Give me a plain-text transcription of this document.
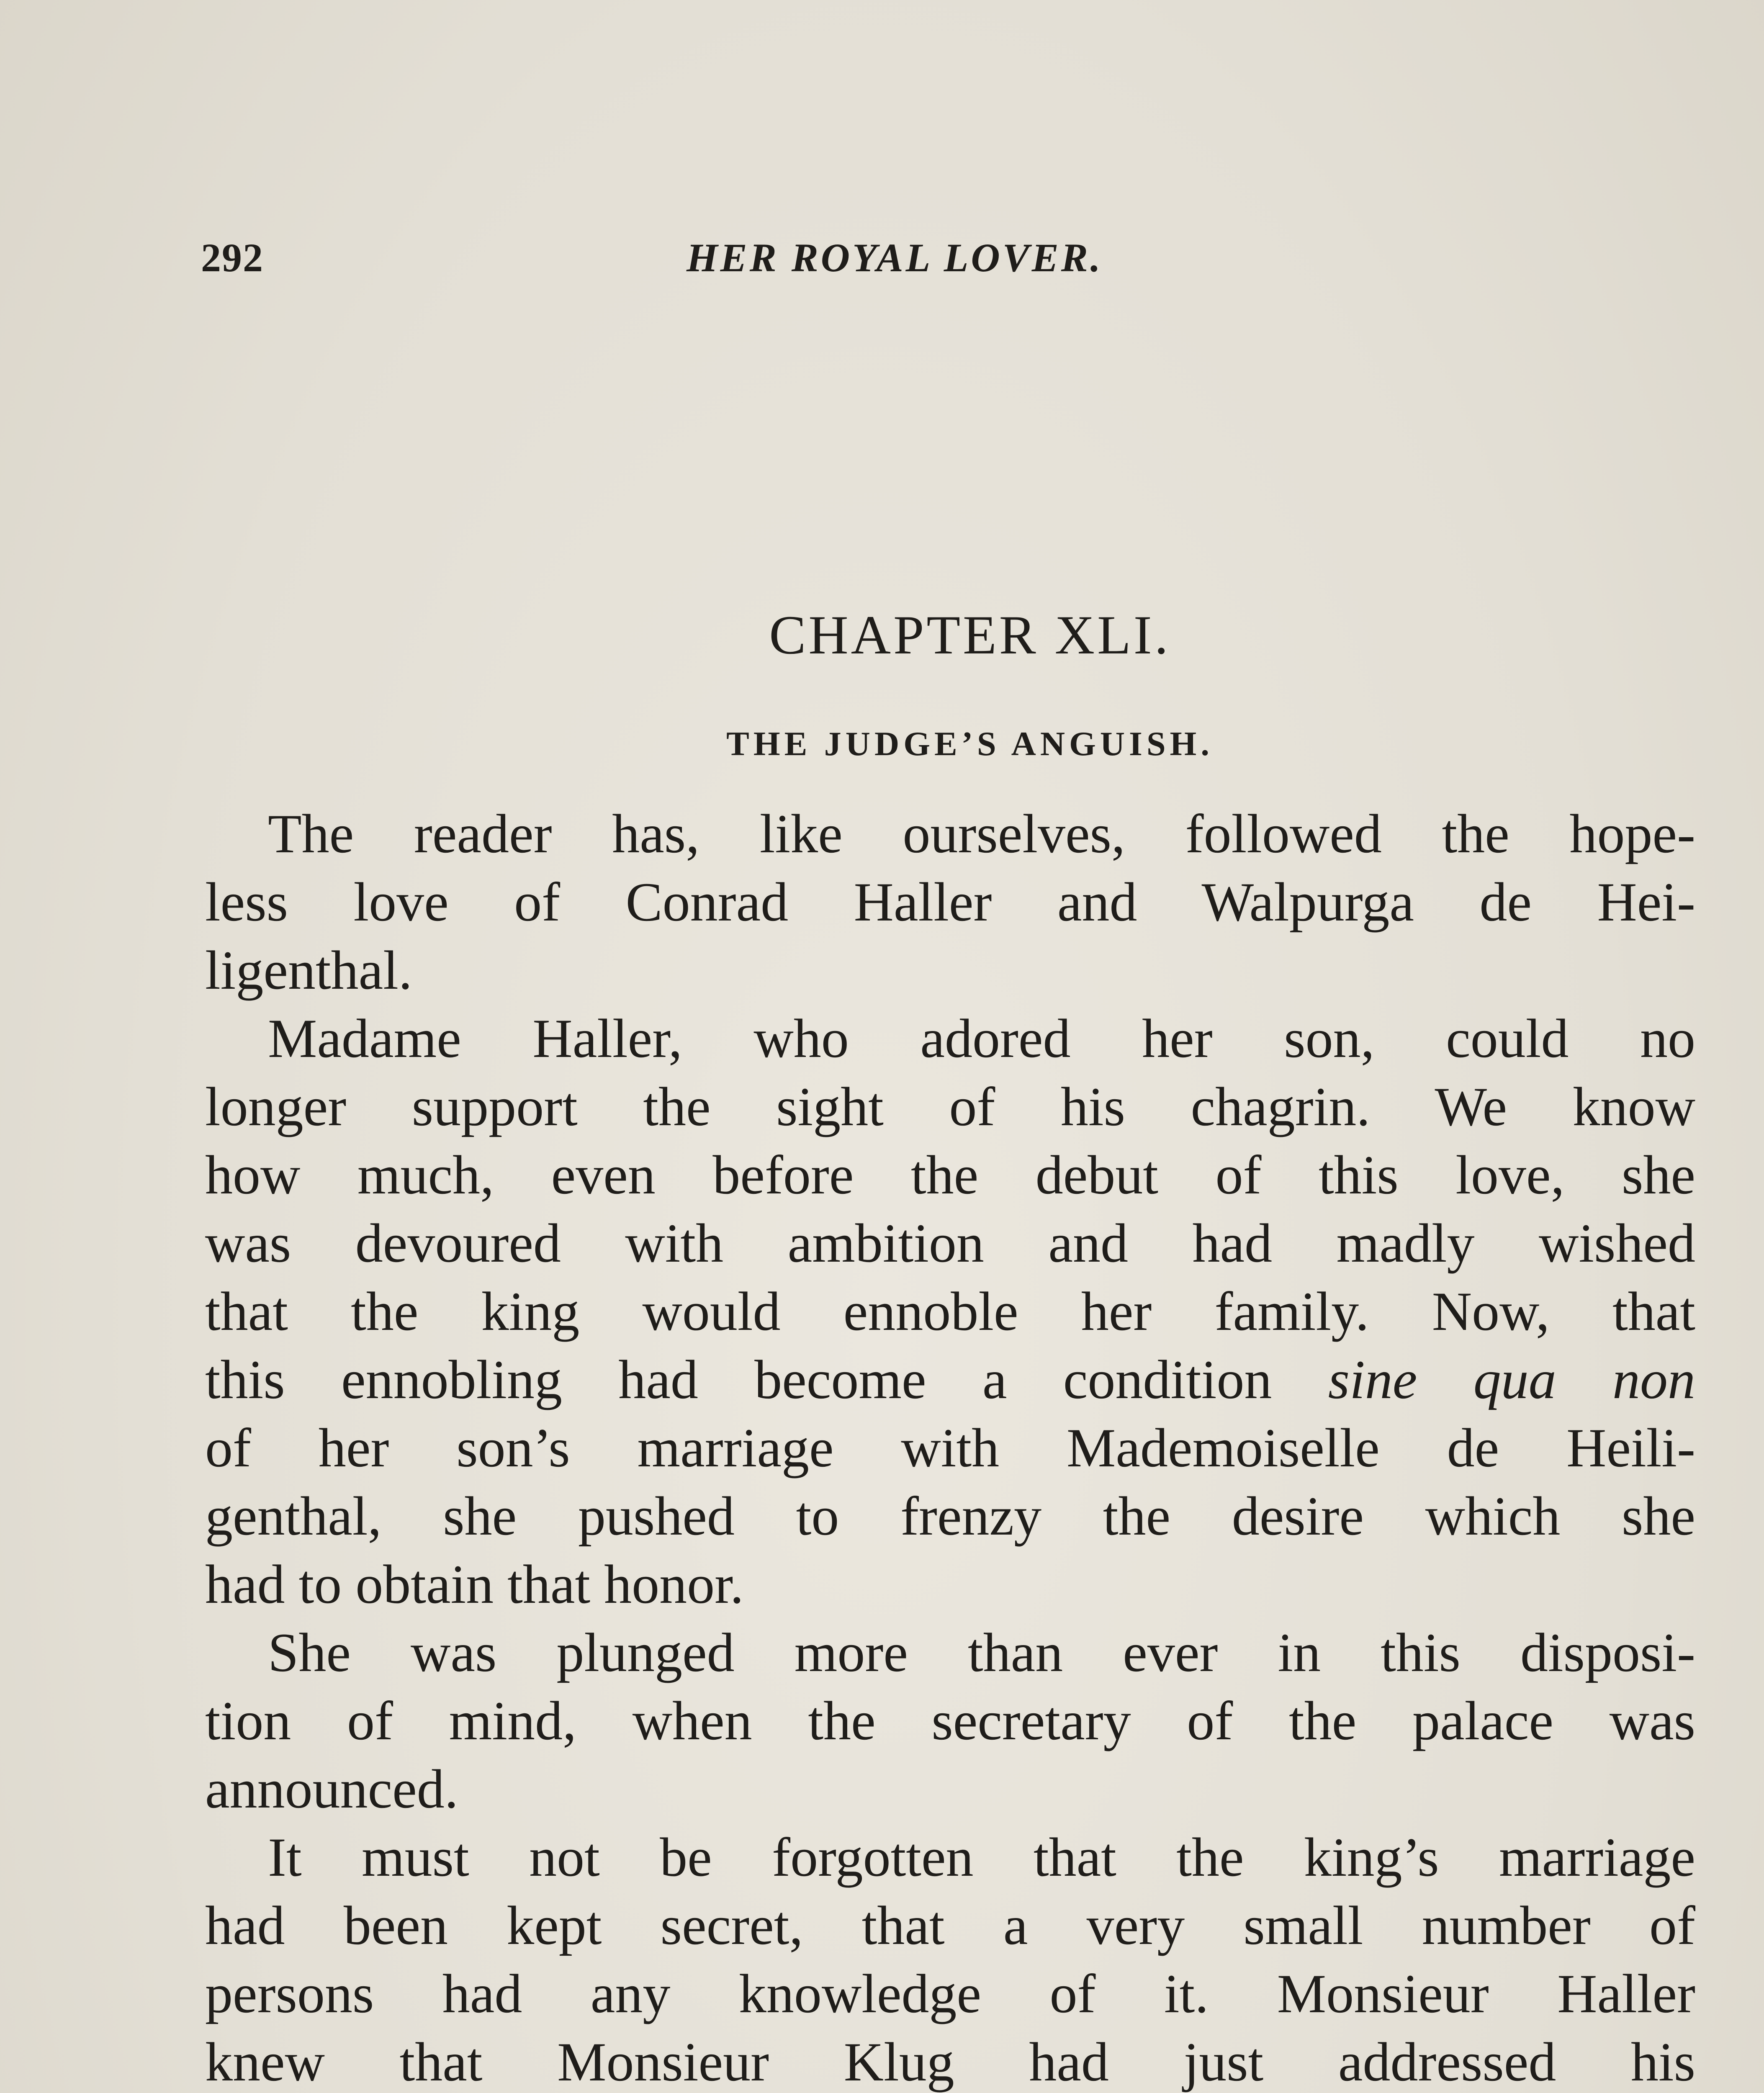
292	HER ROYAL LOVER.
CHAPTER XLI.
THE JUDGE’S ANGUISH.
The reader has, like ourselves, followed the hope-
less love of Conrad Haller and Walpurga de Hei-
ligenthal.
Madame Haller, who adored her son, could no
longer support the sight of his chagrin. We know
how much, even before the debut of this love, she
was devoured with ambition and had madly wished
that the king would ennoble her family. Now, that
this ennobling had become a condition sine qua non
of her son’s marriage with Mademoiselle de Heili-
genthal, she pushed to frenzy the desire which she
had to obtain that honor.
She was plunged more than ever in this disposi-
tion of mind, when the secretary of the palace was
announced.
It must not be forgotten that the king’s marriage
had been kept secret, that a very small number of
persons had any knowledge of it. Monsieur Haller
knew that Monsieur Klug had just addressed his
